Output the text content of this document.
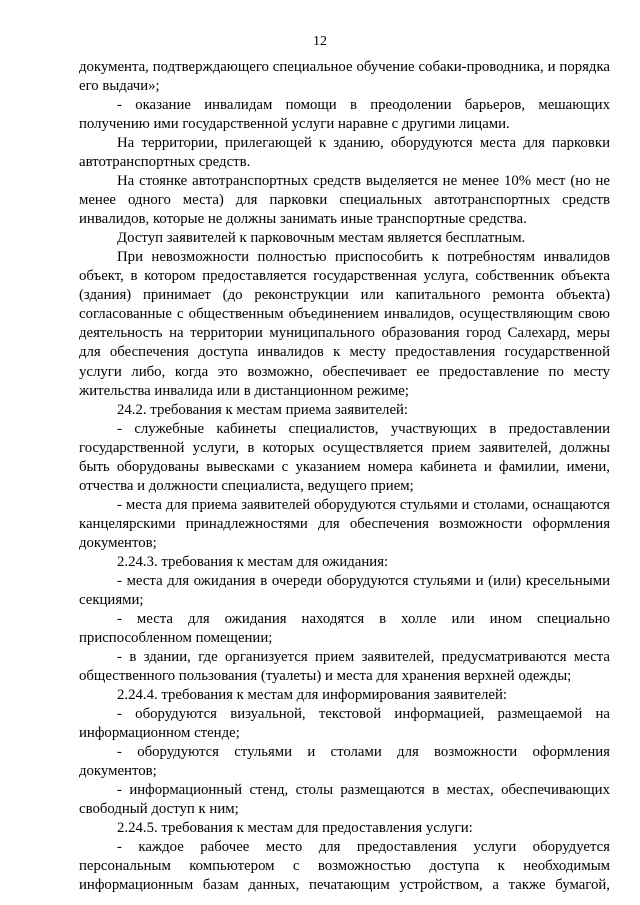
12

документа, подтверждающего специальное обучение собаки-проводника, и порядка его выдачи»;

- оказание инвалидам помощи в преодолении барьеров, мешающих получению ими государственной услуги наравне с другими лицами.

На территории, прилегающей к зданию, оборудуются места для парковки автотранспортных средств.

На стоянке автотранспортных средств выделяется не менее 10% мест (но не менее одного места) для парковки специальных автотранспортных средств инвалидов, которые не должны занимать иные транспортные средства.

Доступ заявителей к парковочным местам является бесплатным.

При невозможности полностью приспособить к потребностям инвалидов объект, в котором предоставляется государственная услуга, собственник объекта (здания) принимает (до реконструкции или капитального ремонта объекта) согласованные с общественным объединением инвалидов, осуществляющим свою деятельность на территории муниципального образования город Салехард, меры для обеспечения доступа инвалидов к месту предоставления государственной услуги либо, когда это возможно, обеспечивает ее предоставление по месту жительства инвалида или в дистанционном режиме;

24.2. требования к местам приема заявителей:

- служебные кабинеты специалистов, участвующих в предоставлении государственной услуги, в которых осуществляется прием заявителей, должны быть оборудованы вывесками с указанием номера кабинета и фамилии, имени, отчества и должности специалиста, ведущего прием;

- места для приема заявителей оборудуются стульями и столами, оснащаются канцелярскими принадлежностями для обеспечения возможности оформления документов;

2.24.3. требования к местам для ожидания:

- места для ожидания в очереди оборудуются стульями и (или) кресельными секциями;

- места для ожидания находятся в холле или ином специально приспособленном помещении;

- в здании, где организуется прием заявителей, предусматриваются места общественного пользования (туалеты) и места для хранения верхней одежды;

2.24.4. требования к местам для информирования заявителей:

- оборудуются визуальной, текстовой информацией, размещаемой на информационном стенде;

- оборудуются стульями и столами для возможности оформления документов;

- информационный стенд, столы размещаются в местах, обеспечивающих свободный доступ к ним;

2.24.5. требования к местам для предоставления услуги:

- каждое рабочее место для предоставления услуги оборудуется персональным компьютером с возможностью доступа к необходимым информационным базам данных, печатающим устройством, а также бумагой,
